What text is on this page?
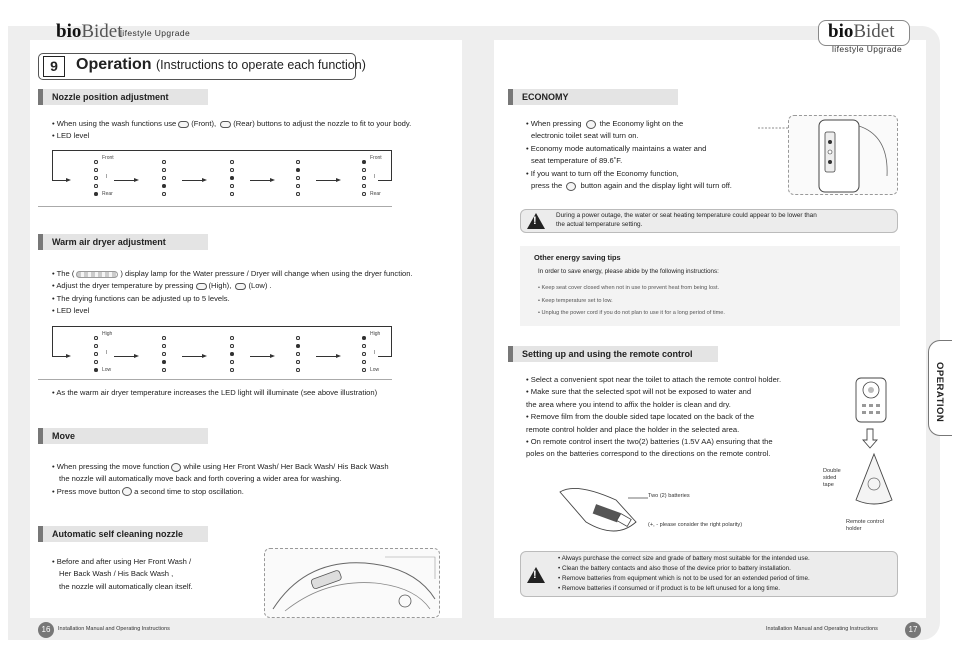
bioBidet
lifestyle Upgrade	bioBidet
lifestyle Upgrade
9	Operation (Instructions to operate each function)
Nozzle position adjustment

• When using the wash functions use (Front), (Rear) buttons to adjust the nozzle to fit to your body.

• LED level

Front
I
Rear
Front
I
Rear
Warm air dryer adjustment

• The (	) display lamp for the Water pressure / Dryer will change when using the dryer function.

• Adjust the dryer temperature by pressing (High), (Low) .

• The drying functions can be adjusted up to 5 levels.

• LED level

High
I
Low
High
I
Low
• As the warm air dryer temperature increases the LED light will illuminate (see above illustration)
Move

• When pressing the move function while using Her Front Wash/ Her Back Wash/ His Back Wash

the nozzle will automatically move back and forth covering a wider area for washing.

• Press move button a second time to stop oscillation.

Automatic self cleaning nozzle

• Before and after using Her Front Wash /

Her Back Wash / His Back Wash ,

the nozzle will automatically clean itself.

16	Installation Manual and Operating Instructions
ECONOMY

• When pressing the Economy light on the

electronic toilet seat will turn on.

• Economy mode automatically maintains a water and

seat temperature of 89.6˚F.

• If you want to turn off the Economy function,

press the button again and the display light will turn off.

!	During a power outage, the water or seat heating temperature could appear to be lower than

the actual temperature setting.

Other energy saving tips
In order to save energy, please abide by the following instructions:

• Keep seat cover closed when not in use to prevent heat from being lost.

• Keep temperature set to low.

• Unplug the power cord if you do not plan to use it for a long period of time.

Setting up and using the remote control

• Select a convenient spot near the toilet to attach the remote control holder.

• Make sure that the selected spot will not be exposed to water and

the area where you intend to affix the holder is clean and dry.

• Remove film from the double sided tape located on the back of the

remote control holder and place the holder in the selected area.

• On remote control insert the two(2) batteries (1.5V AA) ensuring that the

poles on the batteries correspond to the directions on the remote control.

Double

sided

tape

Remote control

holder

Two (2) batteries
(+, - please consider the right polarity)
!

• Always purchase the correct size and grade of battery most suitable for the intended use.

• Clean the battery contacts and also those of the device prior to battery installation.

• Remove batteries from equipment which is not to be used for an extended period of time.

• Remove batteries if consumed or if product is to be left unused for a long time.

OPERATION
Installation Manual and Operating Instructions	17
